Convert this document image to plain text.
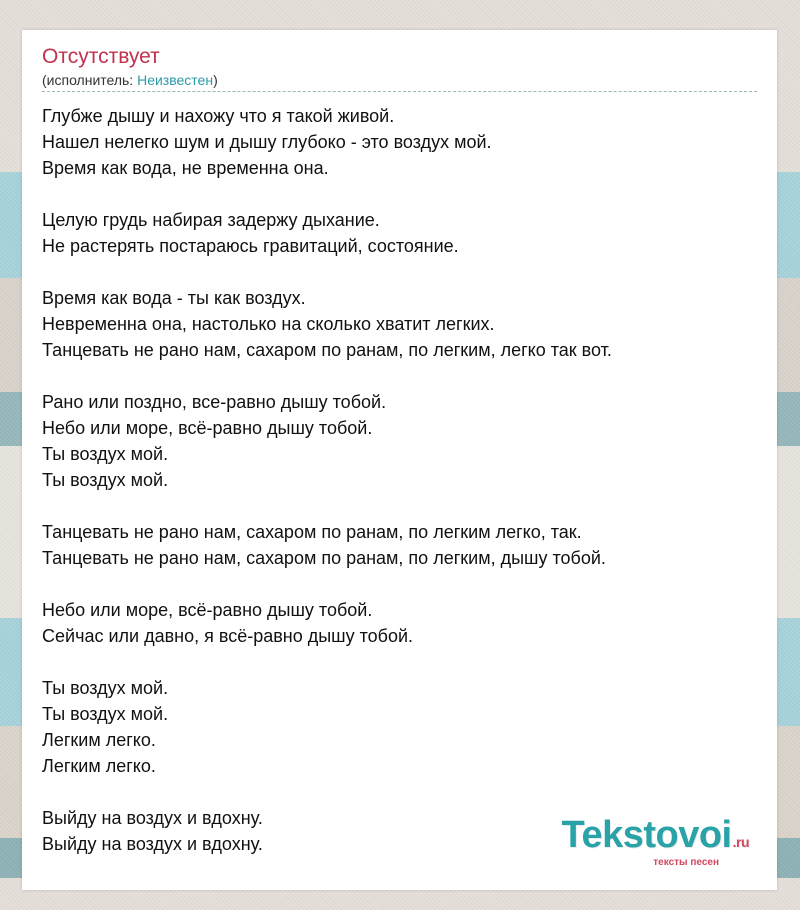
Отсутствует
(исполнитель: Неизвестен)
Глубже дышу и нахожу что я такой живой.
Нашел нелегко шум и дышу глубоко - это воздух мой.
Время как вода, не временна она.
Целую грудь набирая задержу дыхание.
Не растерять постараюсь гравитаций, состояние.
Время как вода - ты как воздух.
Невременна она, настолько на сколько хватит легких.
Танцевать не рано нам, сахаром по ранам, по легким, легко так вот.
Рано или поздно, все-равно дышу тобой.
Небо или море, всё-равно дышу тобой.
Ты воздух мой.
Ты воздух мой.
Танцевать не рано нам, сахаром по ранам, по легким легко, так.
Танцевать не рано нам, сахаром по ранам, по легким, дышу тобой.
Небо или море, всё-равно дышу тобой.
Сейчас или давно, я всё-равно дышу тобой.
Ты воздух мой.
Ты воздух мой.
Легким легко.
Легким легко.
Выйду на воздух и вдохну.
Выйду на воздух и вдохну.	Tekstovoi.ru
тексты песен
